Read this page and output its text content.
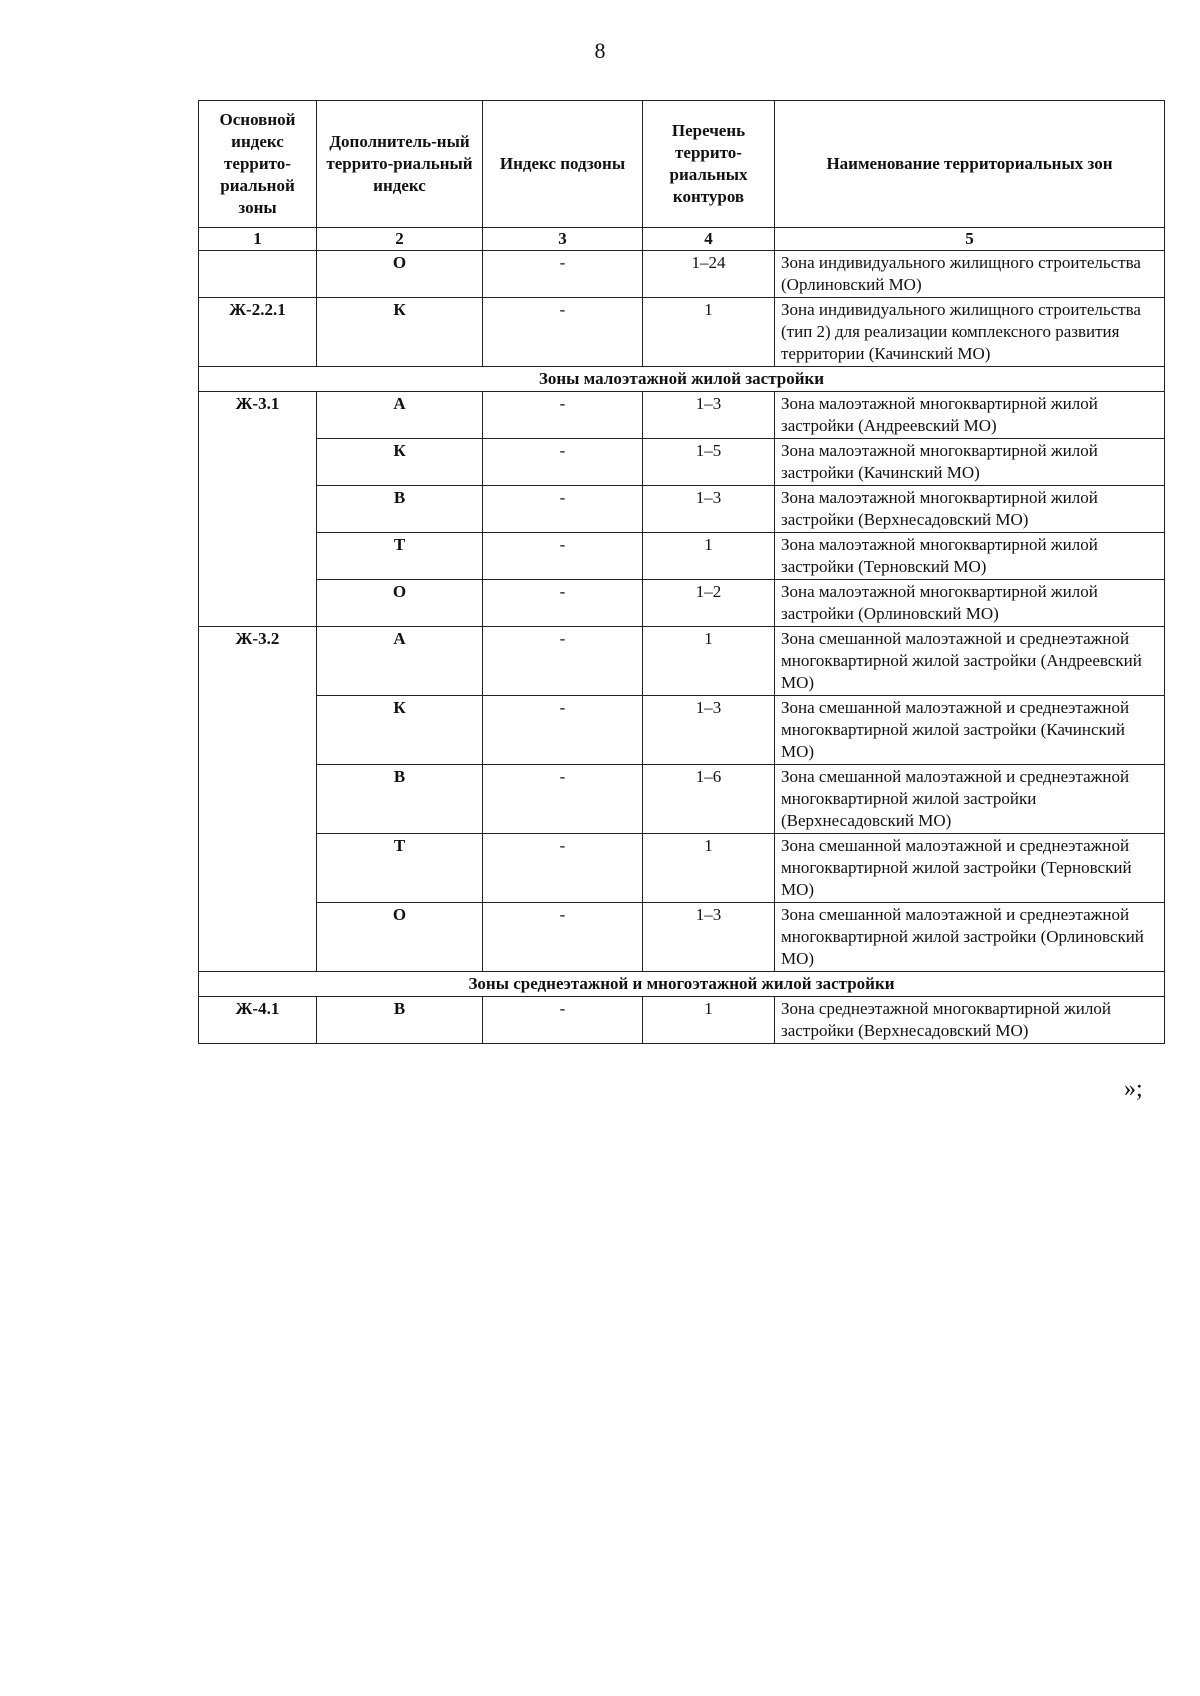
8
Основной индекс террито-риальной зоны	Дополнитель-ный террито-риальный индекс	Индекс подзоны	Перечень террито-риальных контуров	Наименование территориальных зон
1	2	3	4	5
	О	-	1–24	Зона индивидуального жилищного строительства (Орлиновский МО)
Ж-2.2.1	К	-	1	Зона индивидуального жилищного строительства (тип 2) для реализации комплексного развития территории (Качинский МО)
Зоны малоэтажной жилой застройки				
Ж-3.1	А	-	1–3	Зона малоэтажной многоквартирной жилой застройки (Андреевский МО)
	К	-	1–5	Зона малоэтажной многоквартирной жилой застройки (Качинский МО)
	В	-	1–3	Зона малоэтажной многоквартирной жилой застройки (Верхнесадовский МО)
	Т	-	1	Зона малоэтажной многоквартирной жилой застройки (Терновский МО)
	О	-	1–2	Зона малоэтажной многоквартирной жилой застройки (Орлиновский МО)
Ж-3.2	А	-	1	Зона смешанной малоэтажной и среднеэтажной многоквартирной жилой застройки (Андреевский МО)
	К	-	1–3	Зона смешанной малоэтажной и среднеэтажной многоквартирной жилой застройки (Качинский МО)
	В	-	1–6	Зона смешанной малоэтажной и среднеэтажной многоквартирной жилой застройки (Верхнесадовский МО)
	Т	-	1	Зона смешанной малоэтажной и среднеэтажной многоквартирной жилой застройки (Терновский МО)
	О	-	1–3	Зона смешанной малоэтажной и среднеэтажной многоквартирной жилой застройки (Орлиновский МО)
Зоны среднеэтажной и многоэтажной жилой застройки				
Ж-4.1	В	-	1	Зона среднеэтажной многоквартирной жилой застройки (Верхнесадовский МО)
»;
